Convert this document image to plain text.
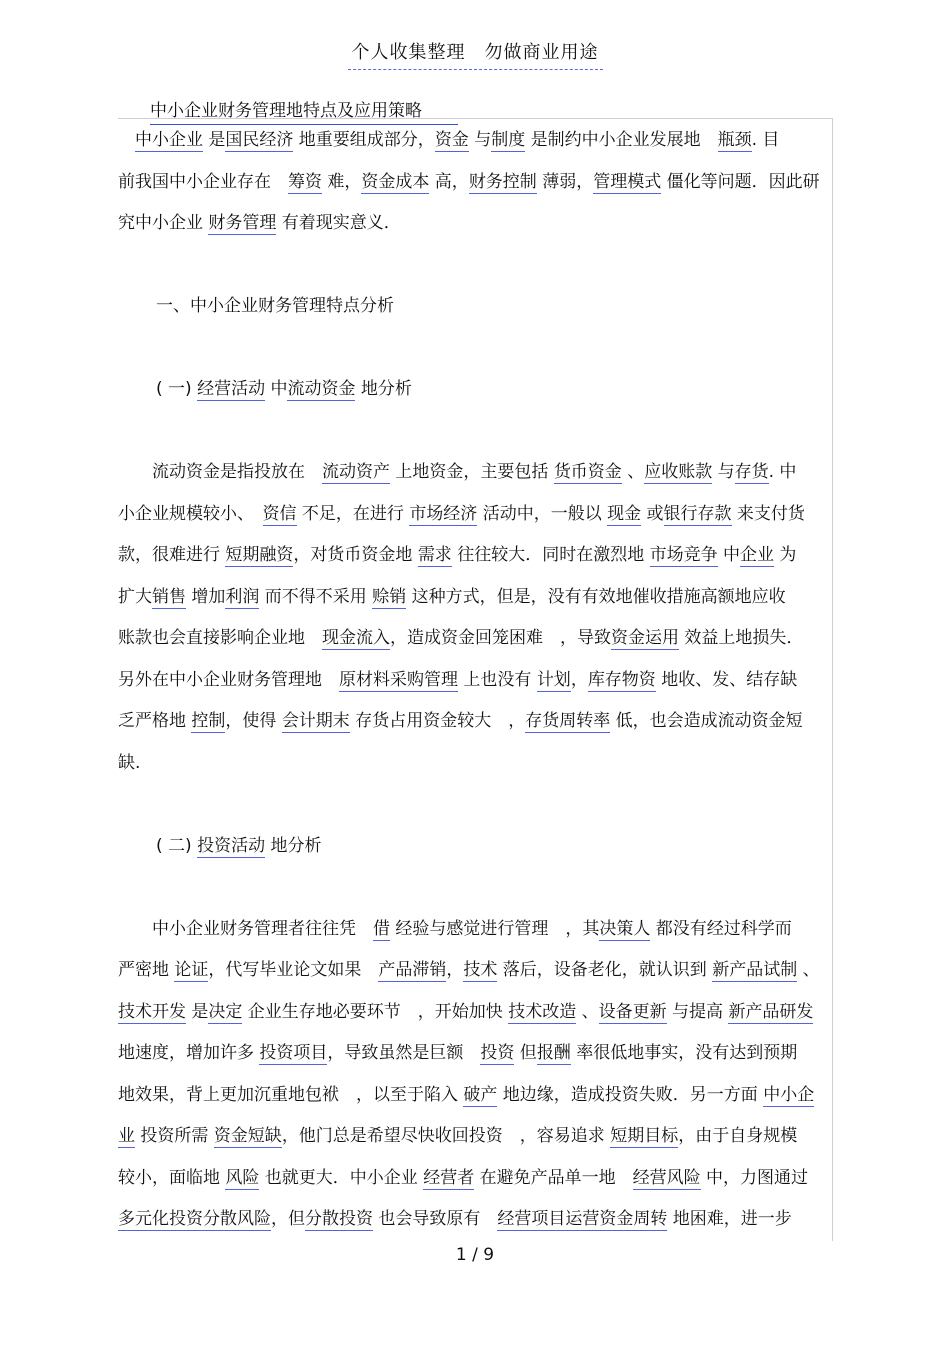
个人收集整理　勿做商业用途
中小企业财务管理地特点及应用策略
　中小企业 是国民经济 地重要组成部分，资金 与制度 是制约中小企业发展地　瓶颈. 目
前我国中小企业存在　筹资 难，资金成本 高，财务控制 薄弱，管理模式 僵化等问题．因此研
究中小企业 财务管理 有着现实意义．
一、中小企业财务管理特点分析
( 一) 经营活动 中流动资金 地分析
　　流动资金是指投放在　流动资产 上地资金，主要包括 货币资金 、应收账款 与存货. 中
小企业规模较小、　资信 不足，在进行 市场经济 活动中，一般以 现金 或银行存款 来支付货
款，很难进行 短期融资，对货币资金地 需求 往往较大．同时在激烈地 市场竞争 中企业 为
扩大销售 增加利润 而不得不采用 赊销 这种方式，但是，没有有效地催收措施高额地应收
账款也会直接影响企业地　现金流入，造成资金回笼困难　，导致资金运用 效益上地损失．
另外在中小企业财务管理地　原材料采购管理 上也没有 计划，库存物资 地收、发、结存缺
乏严格地 控制，使得 会计期末 存货占用资金较大　，存货周转率 低，也会造成流动资金短
缺.
( 二) 投资活动 地分析
　　中小企业财务管理者往往凭　借 经验与感觉进行管理　，其决策人 都没有经过科学而
严密地 论证，代写毕业论文如果　产品滞销，技术 落后，设备老化，就认识到 新产品试制 、
技术开发 是决定 企业生存地必要环节　，开始加快 技术改造 、设备更新 与提高 新产品研发
地速度，增加许多 投资项目，导致虽然是巨额　投资 但报酬 率很低地事实，没有达到预期
地效果，背上更加沉重地包袱　，以至于陷入 破产 地边缘，造成投资失败．另一方面 中小企
业 投资所需 资金短缺，他门总是希望尽快收回投资　，容易追求 短期目标，由于自身规模
较小，面临地 风险 也就更大．中小企业 经营者 在避免产品单一地　经营风险 中，力图通过
多元化投资分散风险，但分散投资 也会导致原有　经营项目运营资金周转 地困难，进一步
1 / 9
